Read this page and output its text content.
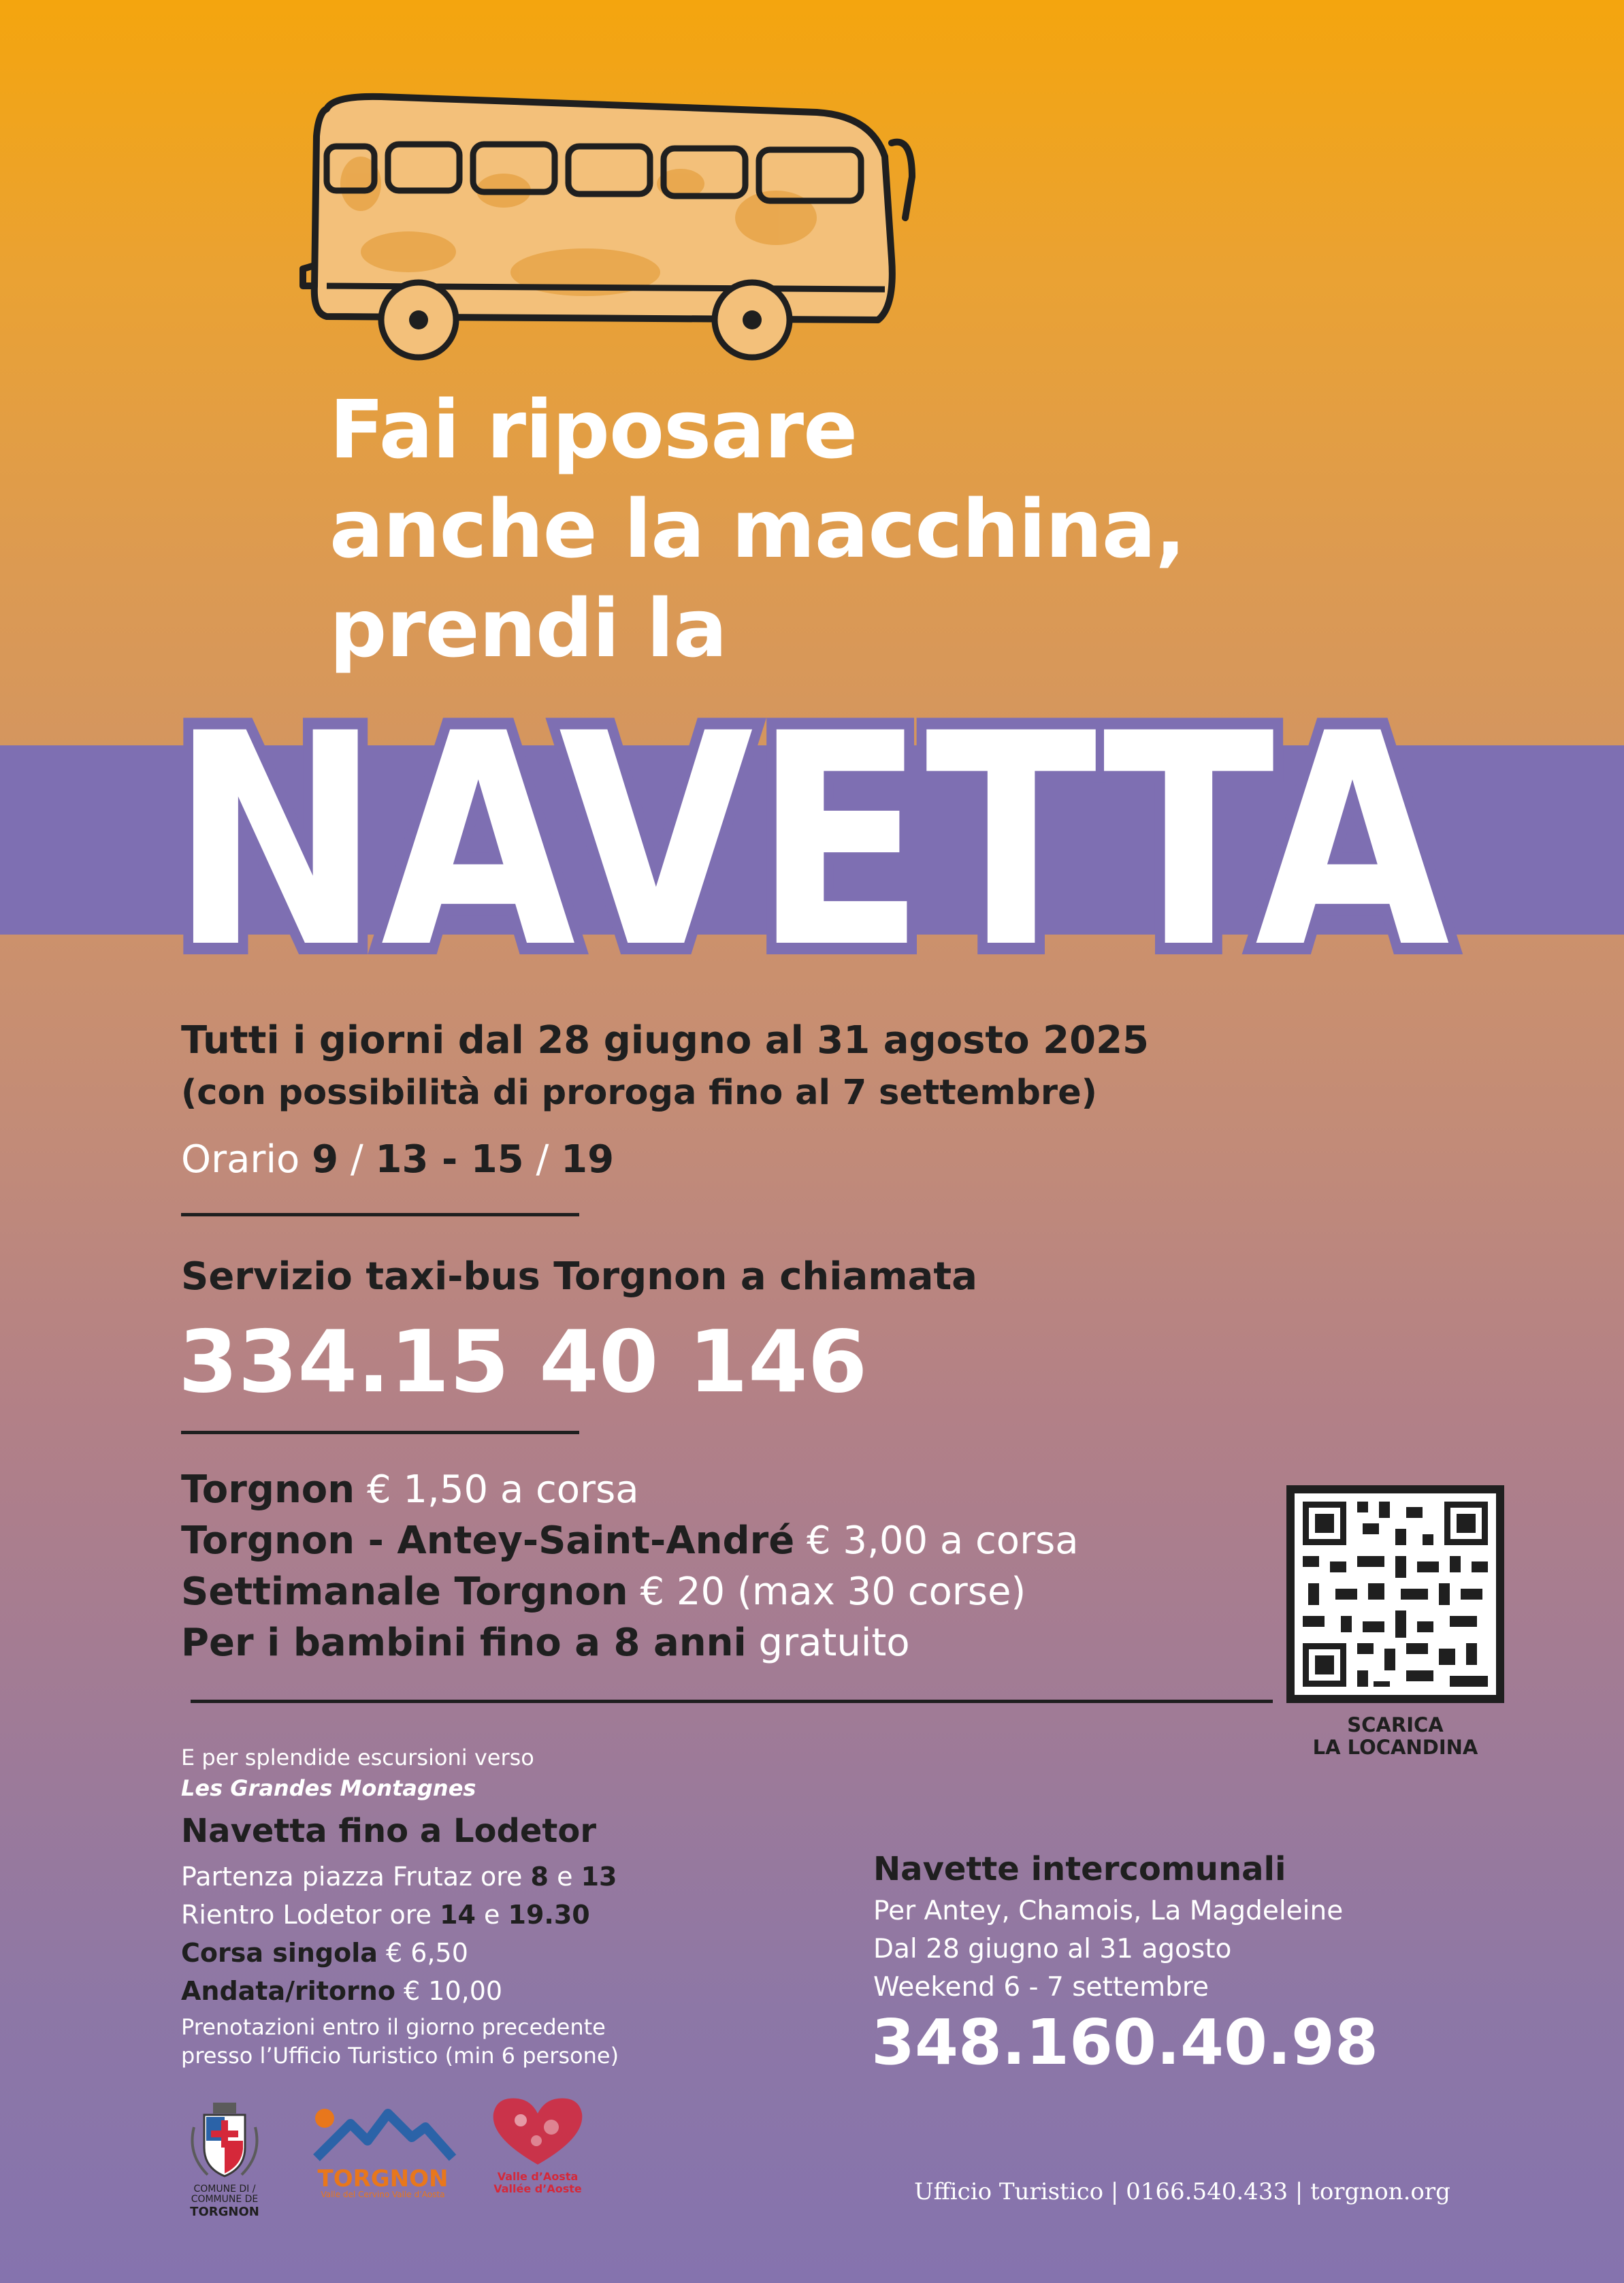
Fai riposare
anche la macchina,
prendi la
NAVETTA
Tutti i giorni dal 28 giugno al 31 agosto 2025
(con possibilità di proroga fino al 7 settembre)
Orario 9 / 13 - 15 / 19
Servizio taxi-bus Torgnon a chiamata
334.15 40 146
Torgnon € 1,50 a corsa
Torgnon - Antey-Saint-André € 3,00 a corsa
Settimanale Torgnon € 20 (max 30 corse)
Per i bambini fino a 8 anni gratuito
SCARICA
LA LOCANDINA
E per splendide escursioni verso
Les Grandes Montagnes
Navetta fino a Lodetor
Partenza piazza Frutaz ore 8 e 13
Rientro Lodetor ore 14 e 19.30
Corsa singola € 6,50
Andata/ritorno € 10,00
Prenotazioni entro il giorno precedente
presso l’Ufficio Turistico (min 6 persone)
Navette intercomunali
Per Antey, Chamois, La Magdeleine
Dal 28 giugno al 31 agosto
Weekend 6 - 7 settembre
348.160.40.98
COMUNE DI / COMMUNE DE
TORGNON
TORGNON
Valle del Cervino Valle d’Aosta
Valle d’Aosta
Vallée d’Aoste	Ufficio Turistico | 0166.540.433 | torgnon.org
